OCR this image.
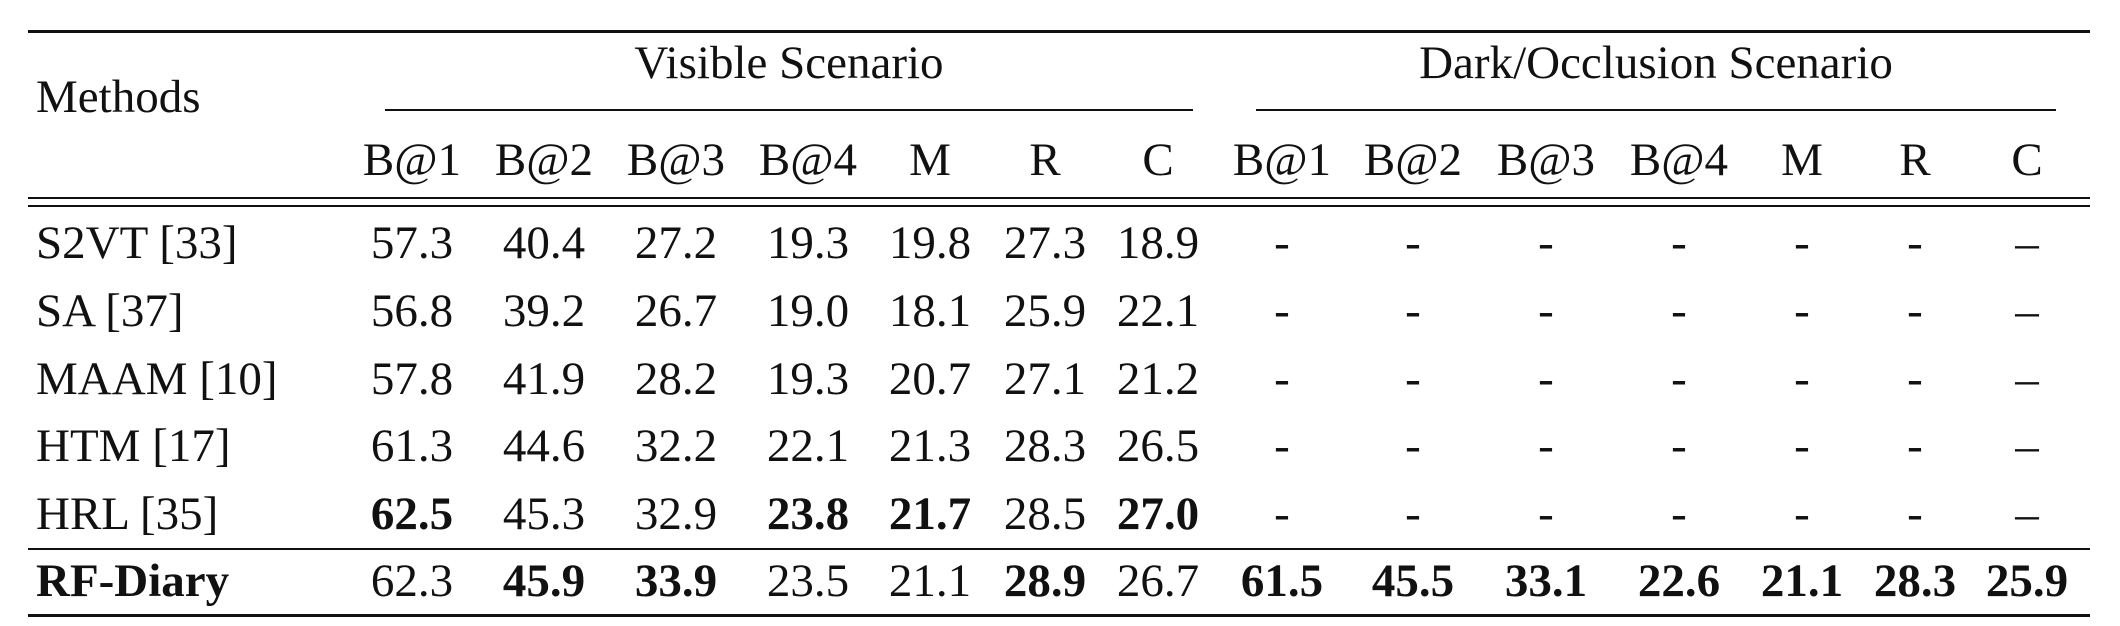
Methods
Visible Scenario	Dark/Occlusion Scenario
B@1 B@2 B@3 B@4 M R C B@1 B@2 B@3 B@4 M R C
S2VT [33]	57.3 40.4 27.2 19.3 19.8 27.3 18.9 - - - - - - –
SA [37]	56.8 39.2 26.7 19.0 18.1 25.9 22.1 - - - - - - –
MAAM [10] 57.8 41.9 28.2 19.3 20.7 27.1 21.2 - - - - - - –
HTM [17]	61.3 44.6 32.2 22.1 21.3 28.3 26.5 - - - - - - –
HRL [35]	62.5 45.3 32.9 23.8 21.7 28.5 27.0 - - - - - - –
RF-Diary	62.3 45.9 33.9 23.5 21.1 28.9 26.7 61.5 45.5 33.1 22.6 21.1 28.3 25.9
